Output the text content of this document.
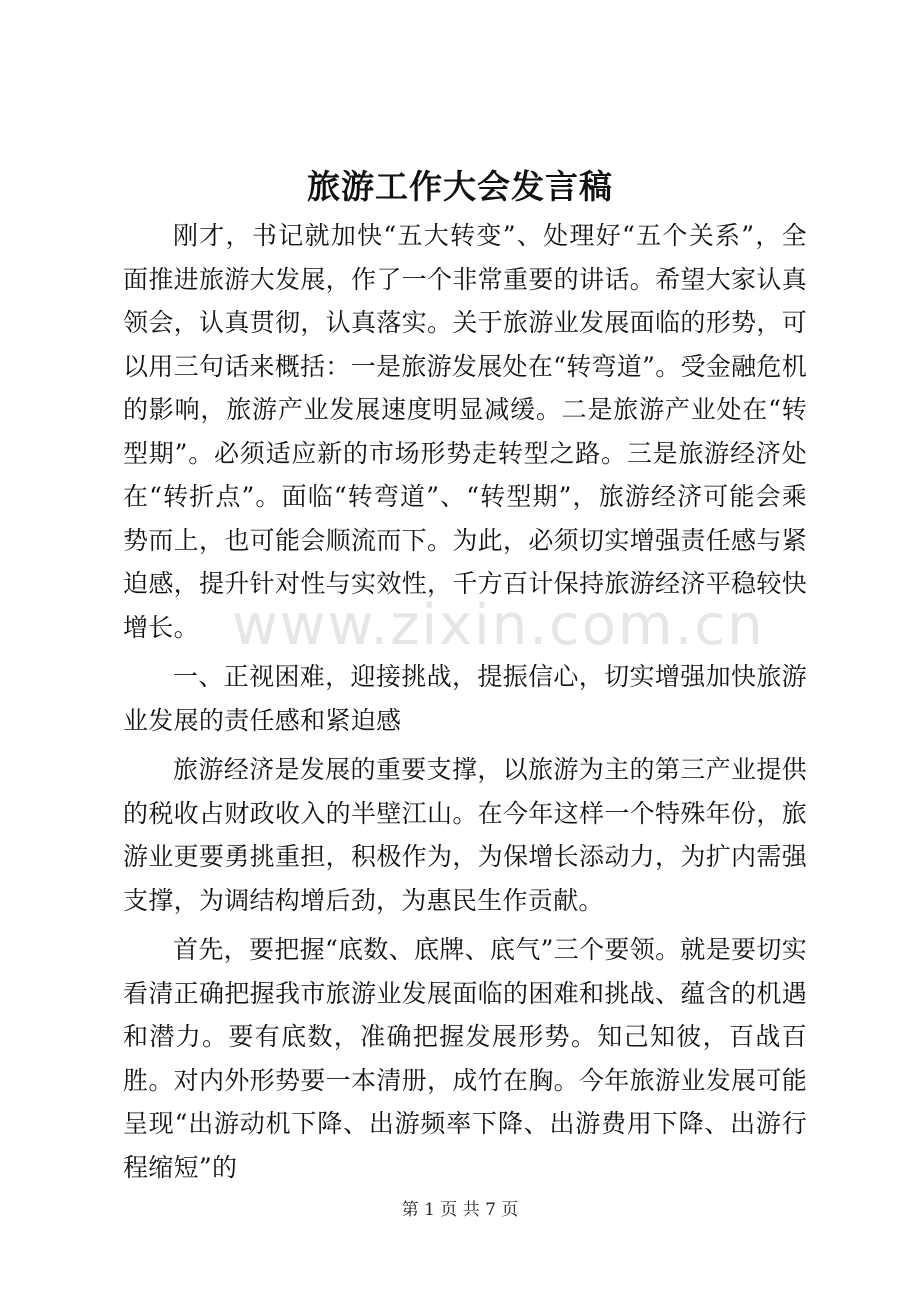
www.zixin.com.cn
旅游工作大会发言稿

刚才，书记就加快“五大转变”、处理好“五个关系”，全面推进旅游大发展，作了一个非常重要的讲话。希望大家认真领会，认真贯彻，认真落实。关于旅游业发展面临的形势，可以用三句话来概括：一是旅游发展处在“转弯道”。受金融危机的影响，旅游产业发展速度明显减缓。二是旅游产业处在“转型期”。必须适应新的市场形势走转型之路。三是旅游经济处在“转折点”。面临“转弯道”、“转型期”，旅游经济可能会乘势而上，也可能会顺流而下。为此，必须切实增强责任感与紧迫感，提升针对性与实效性，千方百计保持旅游经济平稳较快增长。

一、正视困难，迎接挑战，提振信心，切实增强加快旅游业发展的责任感和紧迫感

旅游经济是发展的重要支撑，以旅游为主的第三产业提供的税收占财政收入的半壁江山。在今年这样一个特殊年份，旅游业更要勇挑重担，积极作为，为保增长添动力，为扩内需强支撑，为调结构增后劲，为惠民生作贡献。

首先，要把握“底数、底牌、底气”三个要领。就是要切实看清正确把握我市旅游业发展面临的困难和挑战、蕴含的机遇和潜力。要有底数，准确把握发展形势。知己知彼，百战百胜。对内外形势要一本清册，成竹在胸。今年旅游业发展可能呈现“出游动机下降、出游频率下降、出游费用下降、出游行程缩短”的

第 1 页 共 7 页
